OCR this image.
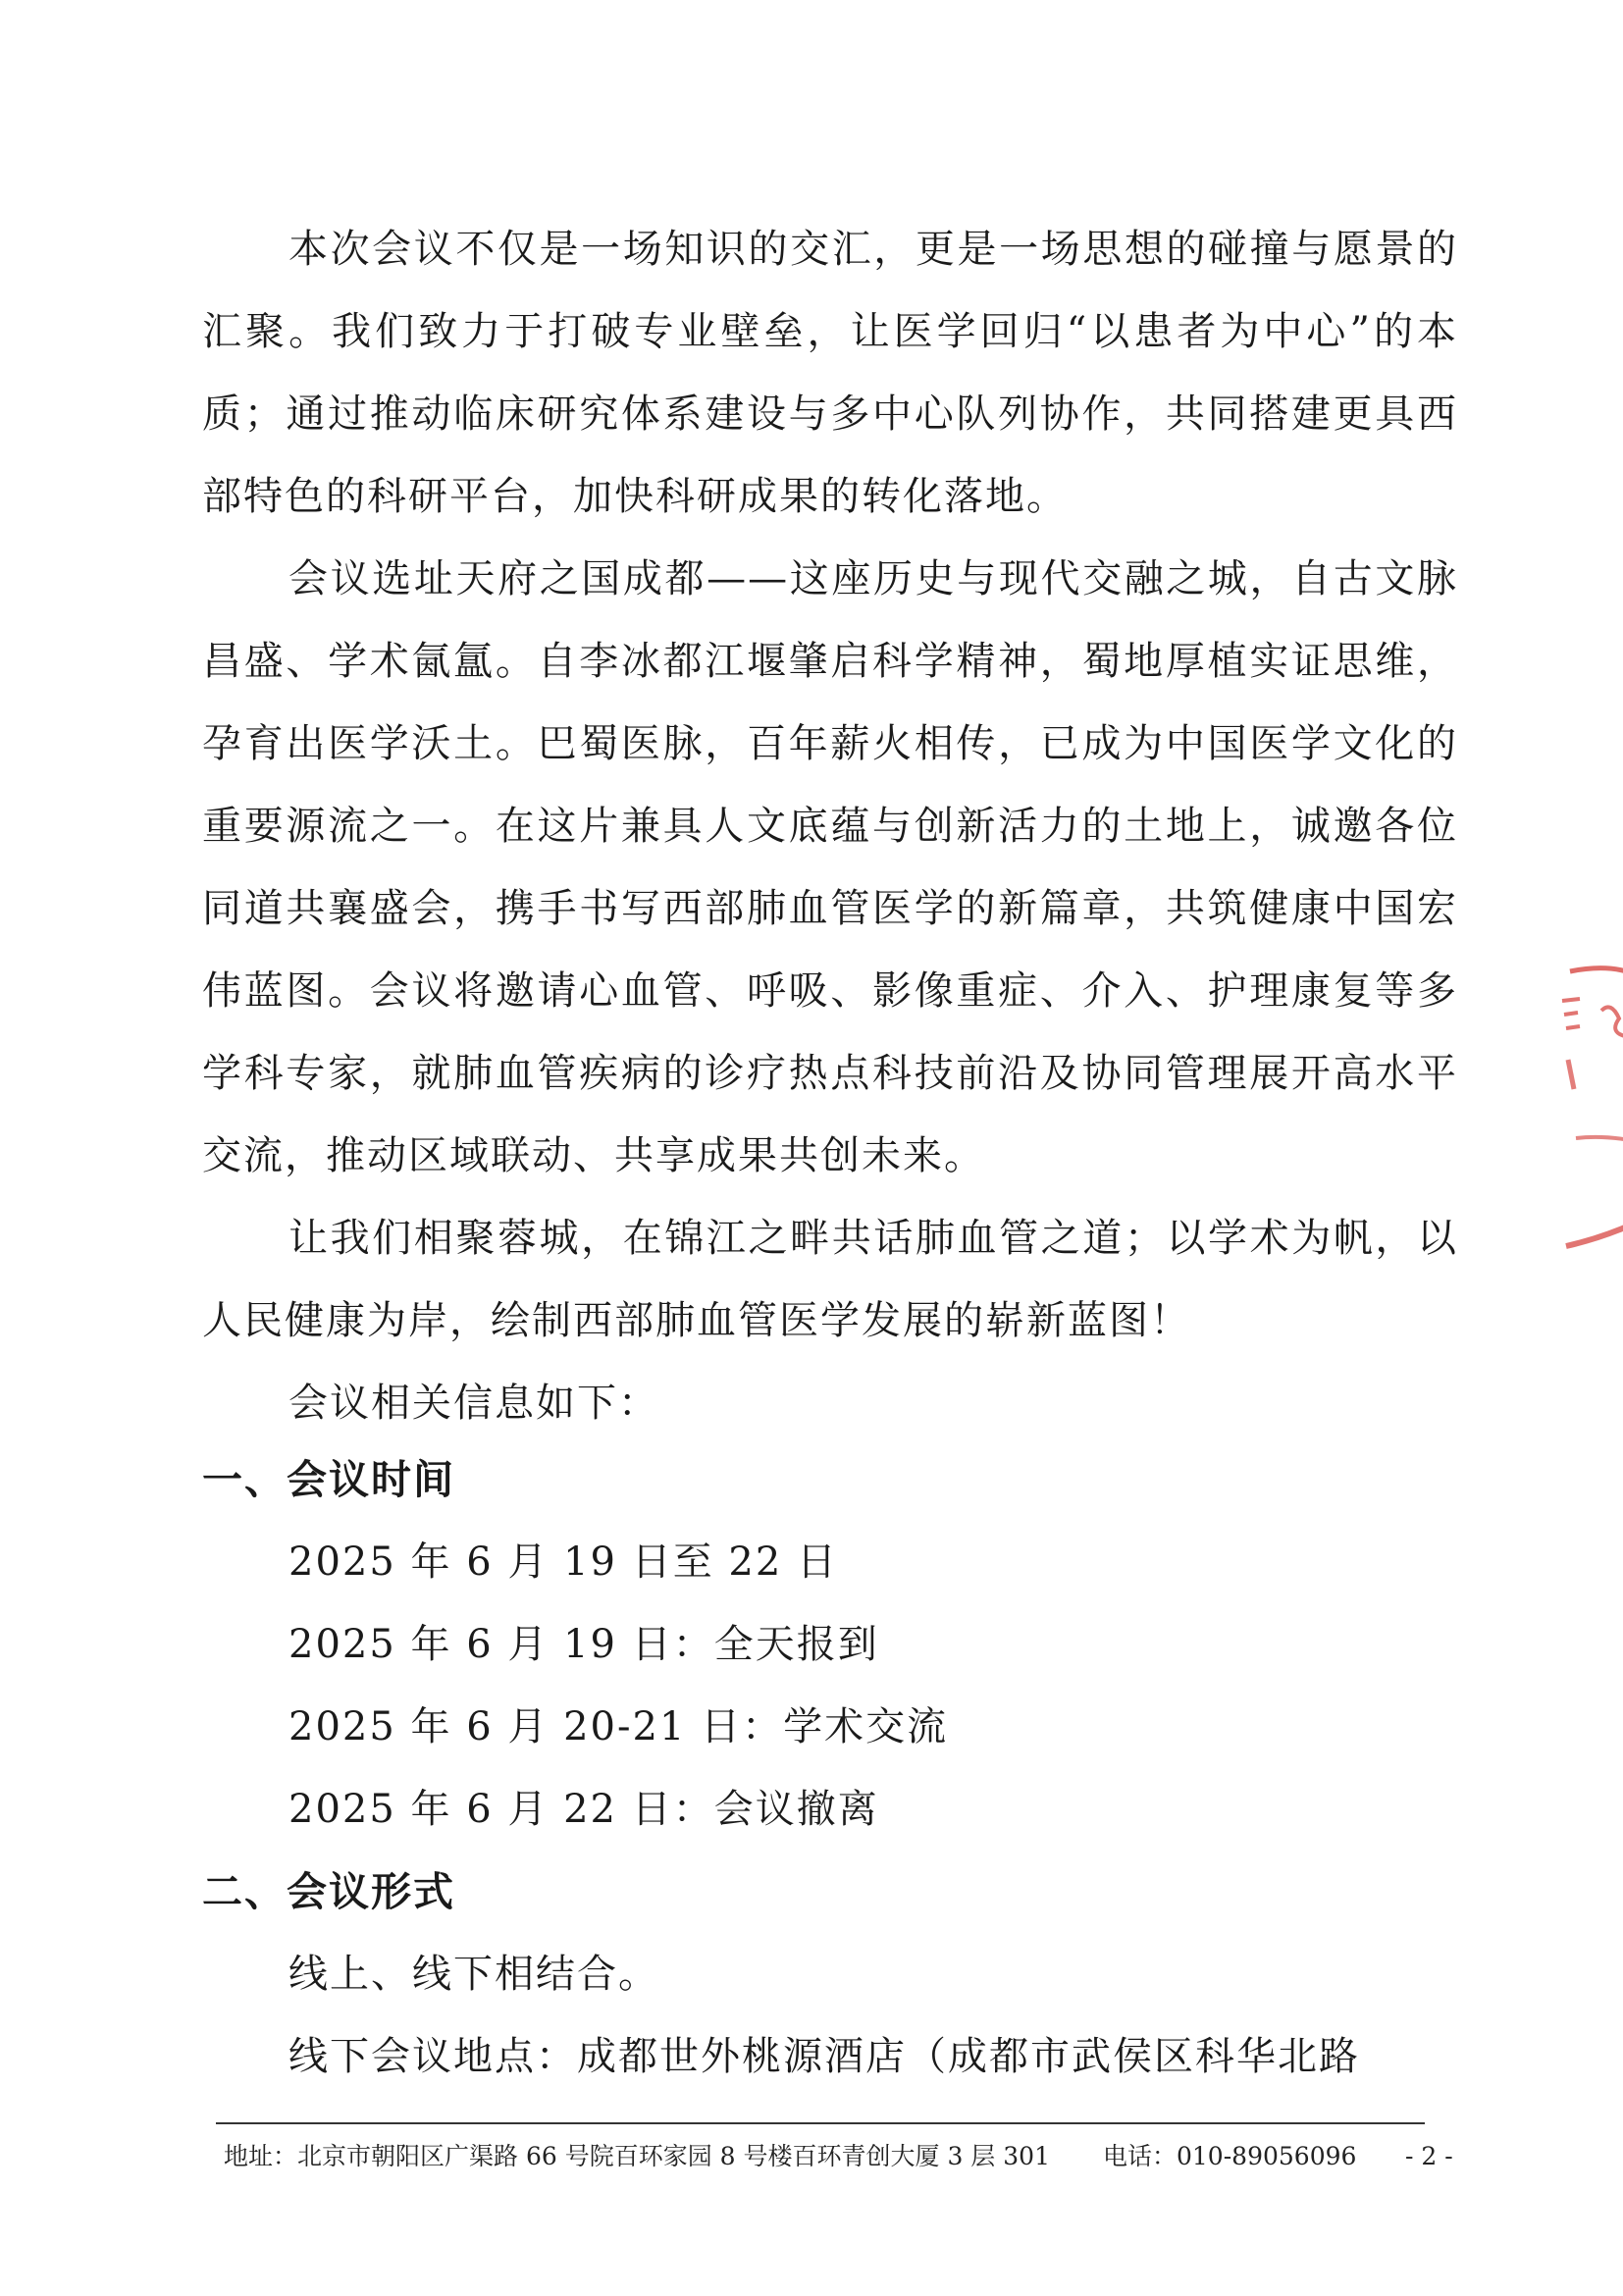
本次会议不仅是一场知识的交汇，更是一场思想的碰撞与愿景的汇聚。我们致力于打破专业壁垒，让医学回归“以患者为中心”的本质；通过推动临床研究体系建设与多中心队列协作，共同搭建更具西部特色的科研平台，加快科研成果的转化落地。

会议选址天府之国成都——这座历史与现代交融之城，自古文脉昌盛、学术氤氲。自李冰都江堰肇启科学精神，蜀地厚植实证思维，孕育出医学沃土。巴蜀医脉，百年薪火相传，已成为中国医学文化的重要源流之一。在这片兼具人文底蕴与创新活力的土地上，诚邀各位同道共襄盛会，携手书写西部肺血管医学的新篇章，共筑健康中国宏伟蓝图。会议将邀请心血管、呼吸、影像重症、介入、护理康复等多学科专家，就肺血管疾病的诊疗热点科技前沿及协同管理展开高水平交流，推动区域联动、共享成果共创未来。

让我们相聚蓉城，在锦江之畔共话肺血管之道；以学术为帆，以人民健康为岸，绘制西部肺血管医学发展的崭新蓝图！

会议相关信息如下：

一、会议时间
2025 年 6 月 19 日至 22 日
2025 年 6 月 19 日：全天报到
2025 年 6 月 20-21 日：学术交流
2025 年 6 月 22 日：会议撤离
二、会议形式
线上、线下相结合。
线下会议地点：成都世外桃源酒店（成都市武侯区科华北路
地址：北京市朝阳区广渠路 66 号院百环家园 8 号楼百环青创大厦 3 层 301 电话：010-89056096 - 2 -
